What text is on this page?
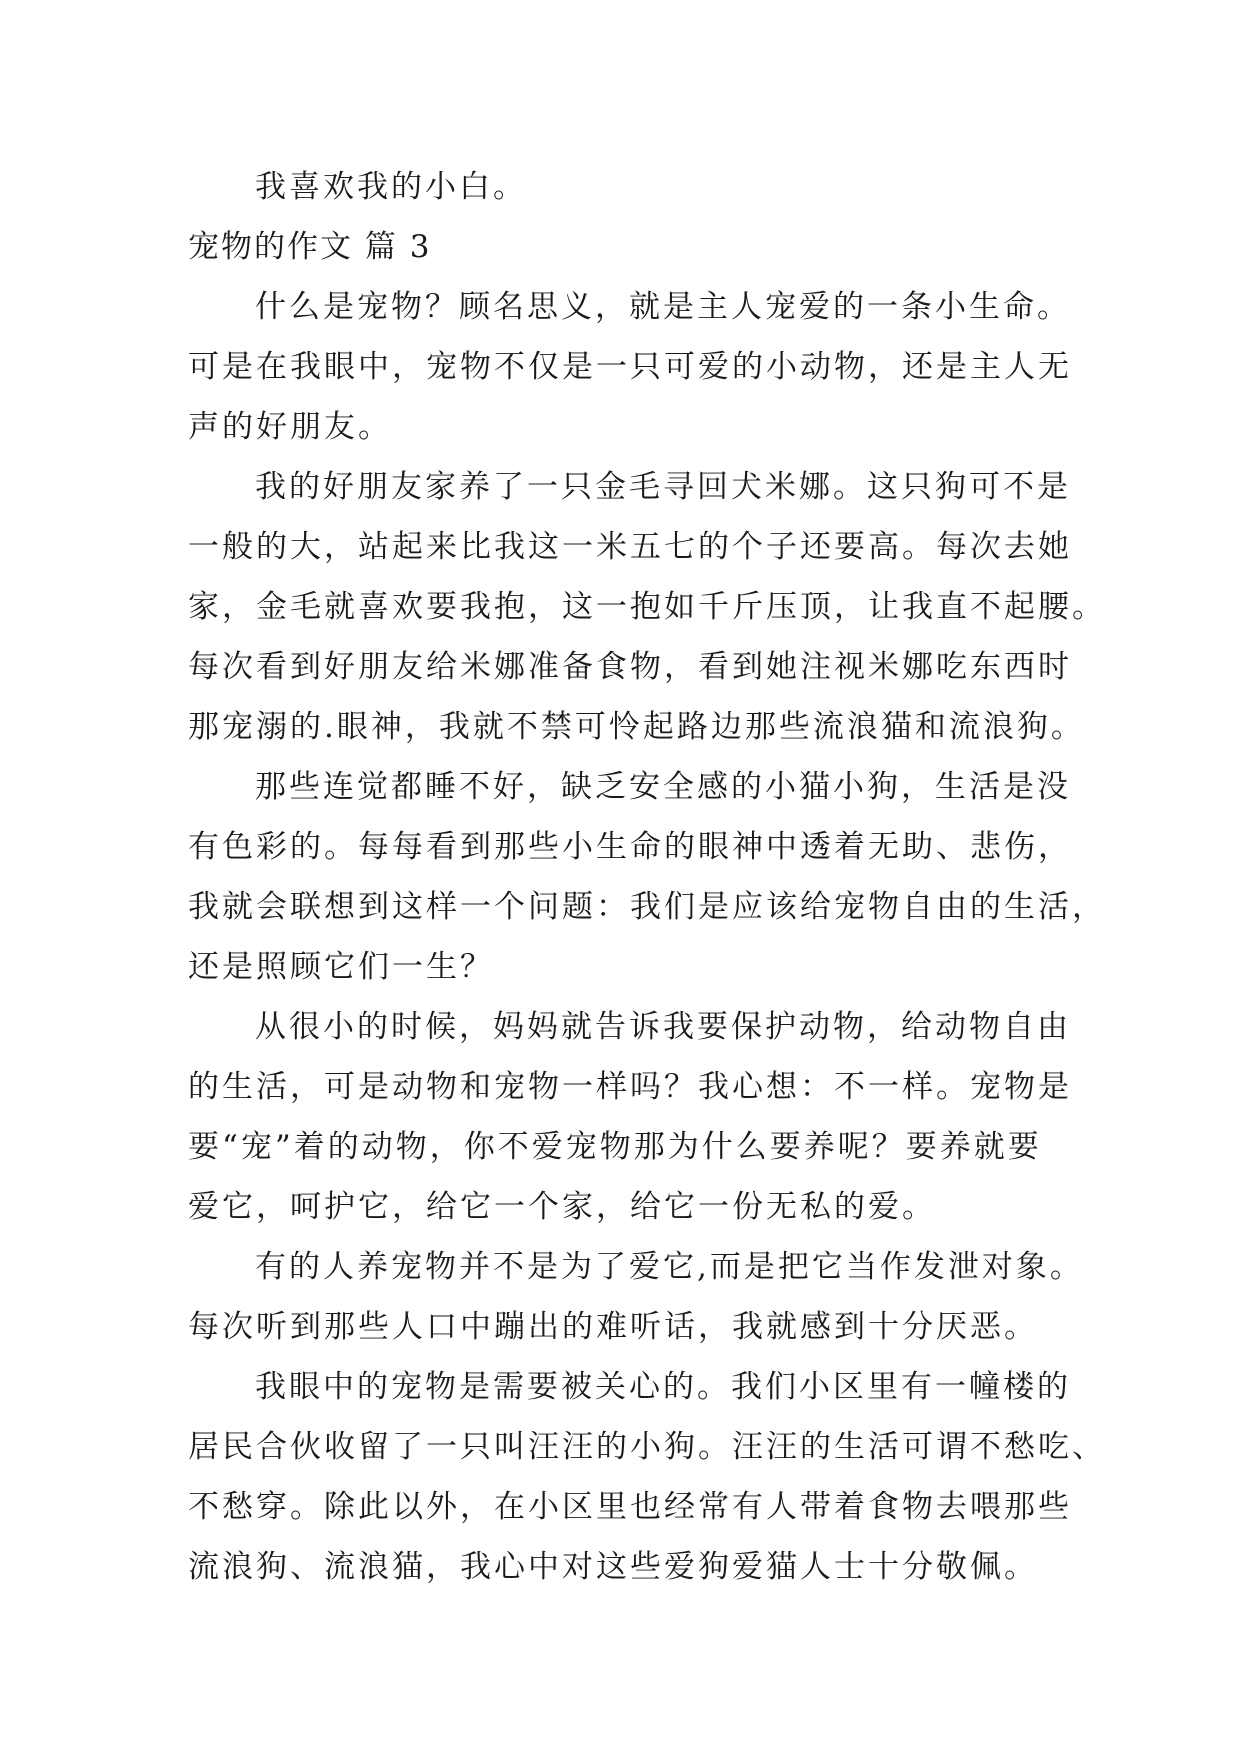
我喜欢我的小白。
宠物的作文 篇 3
什么是宠物？顾名思义，就是主人宠爱的一条小生命。
可是在我眼中，宠物不仅是一只可爱的小动物，还是主人无
声的好朋友。
我的好朋友家养了一只金毛寻回犬米娜。这只狗可不是
一般的大，站起来比我这一米五七的个子还要高。每次去她
家，金毛就喜欢要我抱，这一抱如千斤压顶，让我直不起腰。
每次看到好朋友给米娜准备食物，看到她注视米娜吃东西时
那宠溺的.眼神，我就不禁可怜起路边那些流浪猫和流浪狗。
那些连觉都睡不好，缺乏安全感的小猫小狗，生活是没
有色彩的。每每看到那些小生命的眼神中透着无助、悲伤，
我就会联想到这样一个问题：我们是应该给宠物自由的生活，
还是照顾它们一生？
从很小的时候，妈妈就告诉我要保护动物，给动物自由
的生活，可是动物和宠物一样吗？我心想：不一样。宠物是
要“宠”着的动物，你不爱宠物那为什么要养呢？要养就要
爱它，呵护它，给它一个家，给它一份无私的爱。
有的人养宠物并不是为了爱它,而是把它当作发泄对象。
每次听到那些人口中蹦出的难听话，我就感到十分厌恶。
我眼中的宠物是需要被关心的。我们小区里有一幢楼的
居民合伙收留了一只叫汪汪的小狗。汪汪的生活可谓不愁吃、
不愁穿。除此以外，在小区里也经常有人带着食物去喂那些
流浪狗、流浪猫，我心中对这些爱狗爱猫人士十分敬佩。
